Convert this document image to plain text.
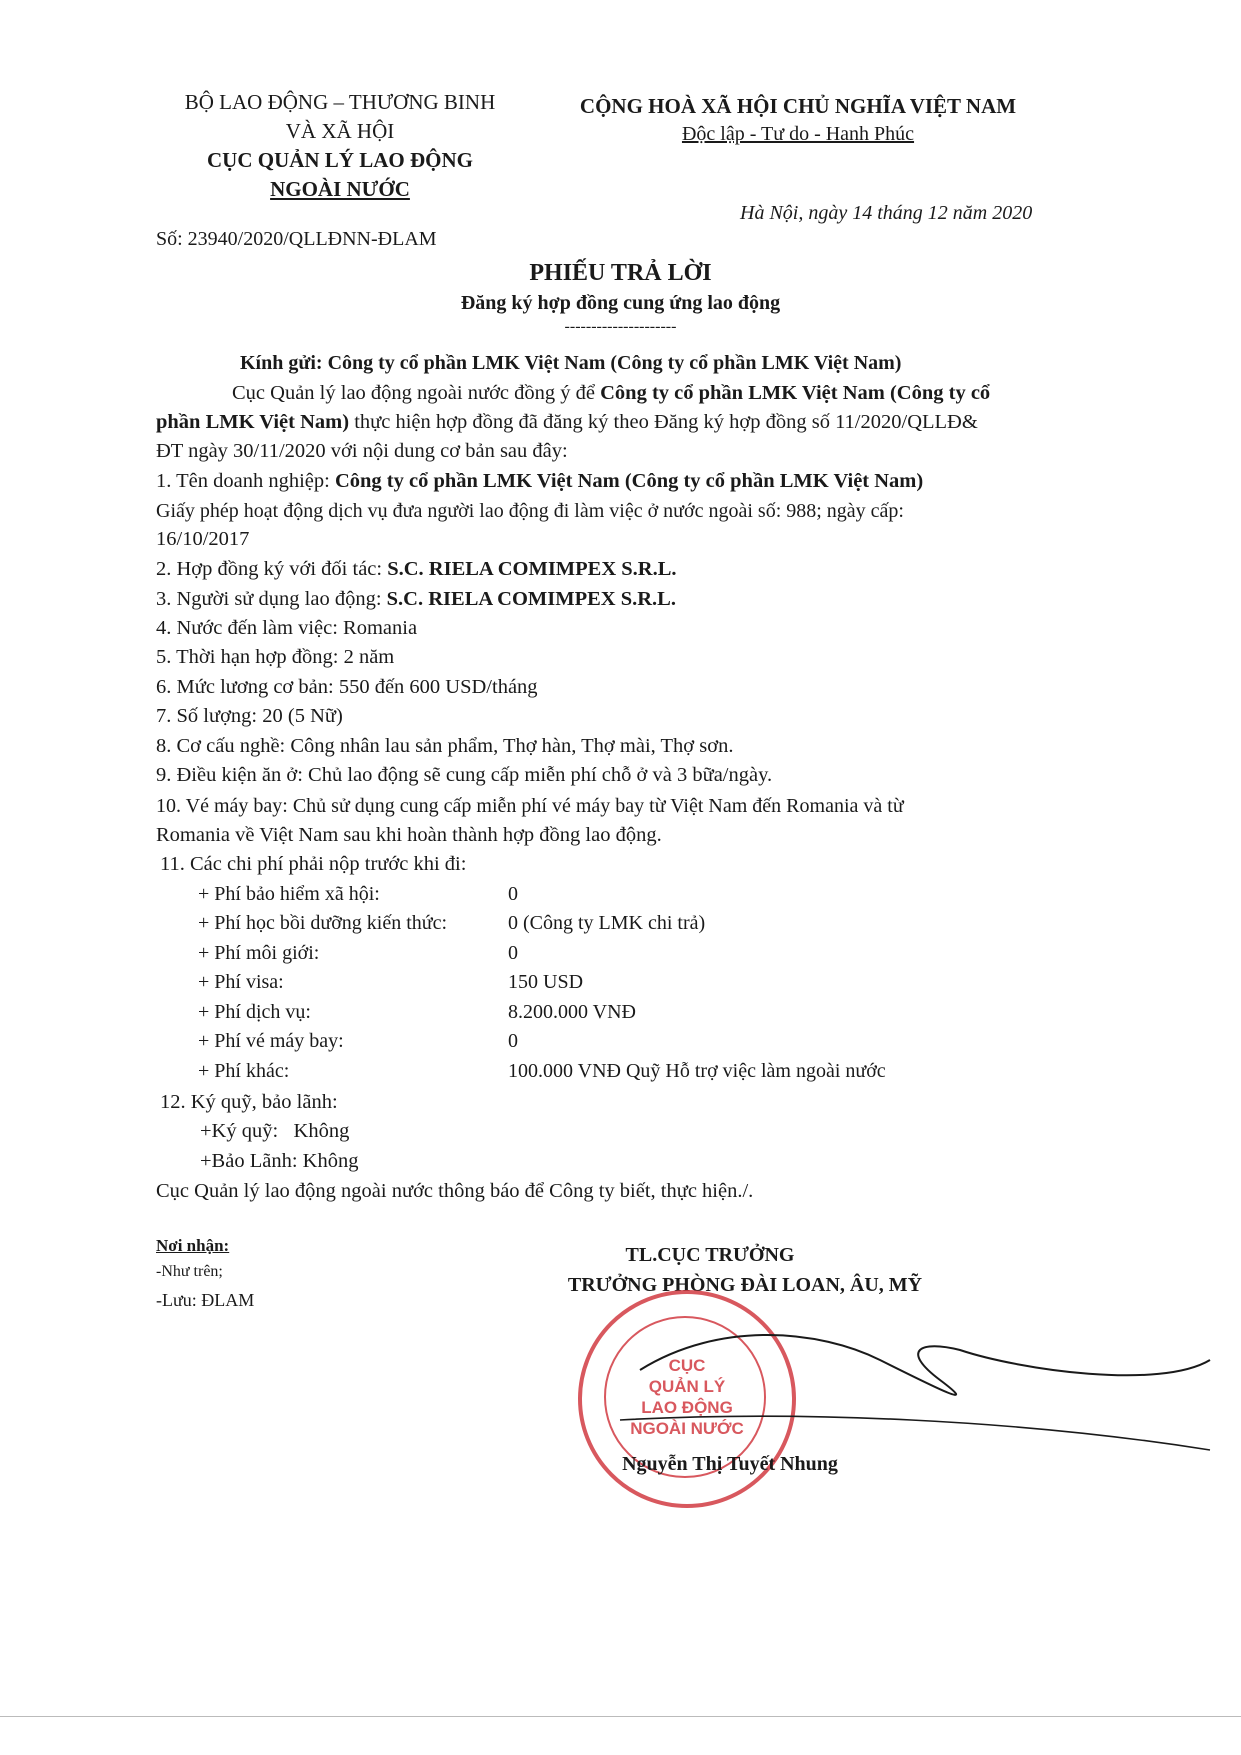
BỘ LAO ĐỘNG – THƯƠNG BINH
VÀ XÃ HỘI
CỤC QUẢN LÝ LAO ĐỘNG
NGOÀI NƯỚC
CỘNG HOÀ XÃ HỘI CHỦ NGHĨA VIỆT NAM
Độc lập - Tư do - Hanh Phúc
Hà Nội, ngày 14 tháng 12 năm 2020
Số: 23940/2020/QLLĐNN-ĐLAM
PHIẾU TRẢ LỜI
Đăng ký hợp đồng cung ứng lao động
---------------------
Kính gửi: Công ty cổ phần LMK Việt Nam (Công ty cổ phần LMK Việt Nam)
Cục Quản lý lao động ngoài nước đồng ý để Công ty cổ phần LMK Việt Nam (Công ty cổ
phần LMK Việt Nam) thực hiện hợp đồng đã đăng ký theo Đăng ký hợp đồng số 11/2020/QLLĐ&
ĐT ngày 30/11/2020 với nội dung cơ bản sau đây:
1. Tên doanh nghiệp: Công ty cổ phần LMK Việt Nam (Công ty cổ phần LMK Việt Nam)
Giấy phép hoạt động dịch vụ đưa người lao động đi làm việc ở nước ngoài số: 988; ngày cấp:
16/10/2017
2. Hợp đồng ký với đối tác: S.C. RIELA COMIMPEX S.R.L.
3. Người sử dụng lao động: S.C. RIELA COMIMPEX S.R.L.
4. Nước đến làm việc: Romania
5. Thời hạn hợp đồng: 2 năm
6. Mức lương cơ bản: 550 đến 600 USD/tháng
7. Số lượng: 20 (5 Nữ)
8. Cơ cấu nghề: Công nhân lau sản phẩm, Thợ hàn, Thợ mài, Thợ sơn.
9. Điều kiện ăn ở: Chủ lao động sẽ cung cấp miễn phí chỗ ở và 3 bữa/ngày.
10. Vé máy bay: Chủ sử dụng cung cấp miễn phí vé máy bay từ Việt Nam đến Romania và từ
Romania về Việt Nam sau khi hoàn thành hợp đồng lao động.
11. Các chi phí phải nộp trước khi đi:
+ Phí bảo hiểm xã hội:	0
+ Phí học bồi dưỡng kiến thức:	0 (Công ty LMK chi trả)
+ Phí môi giới:	0
+ Phí visa:	150 USD
+ Phí dịch vụ:	8.200.000 VNĐ
+ Phí vé máy bay:	0
+ Phí khác:	100.000 VNĐ Quỹ Hỗ trợ việc làm ngoài nước
12. Ký quỹ, bảo lãnh:
+Ký quỹ:   Không
+Bảo Lãnh: Không
Cục Quản lý lao động ngoài nước thông báo để Công ty biết, thực hiện./.
Nơi nhận:
-Như trên;
-Lưu: ĐLAM
TL.CỤC TRƯỞNG
TRƯỞNG PHÒNG ĐÀI LOAN, ÂU, MỸ
CỤC
QUẢN LÝ
LAO ĐỘNG
NGOÀI NƯỚC
Nguyễn Thị Tuyết Nhung
